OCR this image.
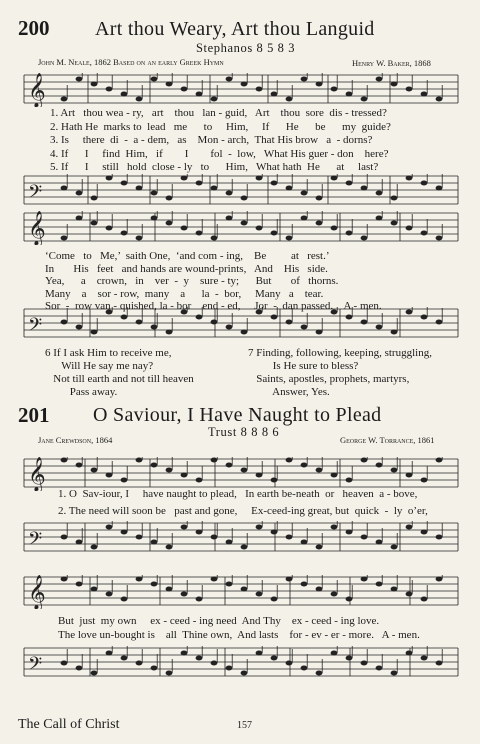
200 Art thou Weary, Art thou Languid
Stephanos 8 5 8 3
John M. Neale, 1862 Based on an early Greek Hymn	Henry W. Baker, 1868
𝄞
𝄢
𝄞
𝄢
𝄞
𝄢
𝄞
𝄢
1. Art   thou wea - ry,   art    thou   lan - guid,   Art    thou  sore  dis - tressed?
2. Hath He  marks to  lead   me      to     Him,     If      He      be      my  guide?
3. Is     there  di  -  a - dem,   as    Mon - arch,  That His brow   a  - dorns?
4. If      I     find  Him,   if        I        fol  -  low,   What His guer - don    here?
5. If      I     still   hold  close - ly   to      Him,   What hath  He      at     last?
‘Come   to   Me,’  saith One,  ‘and com - ing,    Be         at   rest.’
In       His   feet   and hands are wound-prints,   And    His   side.
Yea,      a    crown,   in    ver  -  y    sure - ty;      But       of   thorns.
Many    a    sor - row,  many    a      la  -  bor,     Many   a    tear.
Sor  -  row van - quished, la - bor    end - ed,     Jor  -  dan passed.    A - men.
6 If I ask Him to receive me,
Will He say me nay?
Not till earth and not till heaven
Pass away.
7 Finding, following, keeping, struggling,
Is He sure to bless?
Saints, apostles, prophets, martyrs,
Answer, Yes.
201 O Saviour, I Have Naught to Plead
Trust 8 8 8 6
Jane Crewdson, 1864	George W. Torrance, 1861
1. O  Sav-iour, I     have naught to plead,   In earth be-neath  or   heaven  a - bove,
2. The need will soon be   past and gone,     Ex-ceed-ing great, but  quick  -  ly  o’er,
But  just  my own     ex - ceed - ing need  And Thy    ex - ceed - ing love.
The love un-bought is    all  Thine own,  And lasts    for - ev - er - more.   A - men.
The Call of Christ	157
